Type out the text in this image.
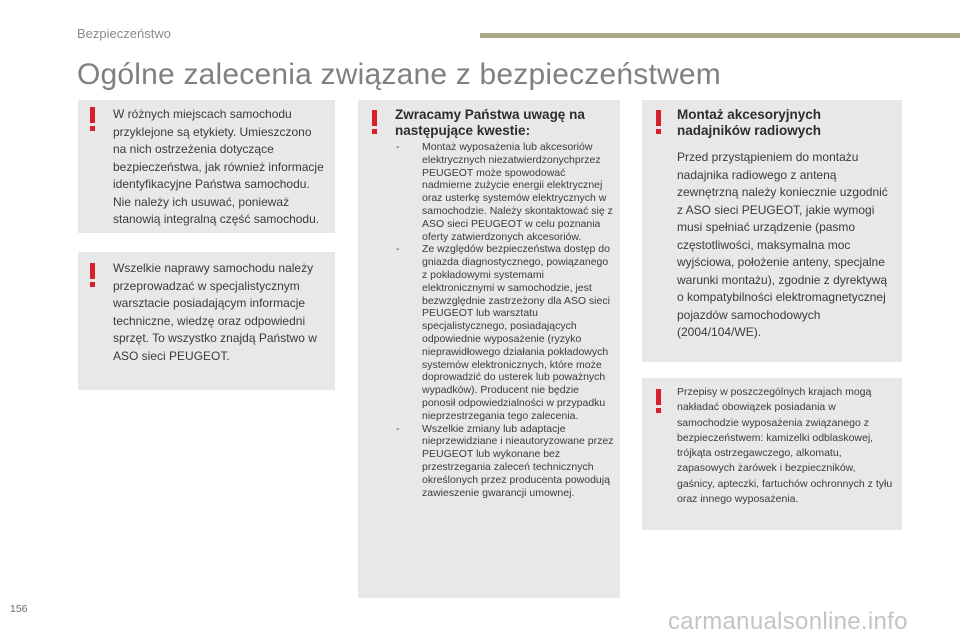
Bezpieczeństwo
Ogólne zalecenia związane z bezpieczeństwem

W różnych miejscach samochodu przyklejone są etykiety. Umieszczono na nich ostrzeżenia dotyczące bezpieczeństwa, jak również informacje identyfikacyjne Państwa samochodu. Nie należy ich usuwać, ponieważ stanowią integralną część samochodu.

Wszelkie naprawy samochodu należy przeprowadzać w specjalistycznym warsztacie posiadającym informacje techniczne, wiedzę oraz odpowiedni sprzęt. To wszystko znajdą Państwo w ASO sieci PEUGEOT.

Zwracamy Państwa uwagę na następujące kwestie:

-	Montaż wyposażenia lub akcesoriów elektrycznych niezatwierdzonychprzez PEUGEOT może spowodować nadmierne zużycie energii elektrycznej oraz usterkę systemów elektrycznych w samochodzie. Należy skontaktować się z ASO sieci PEUGEOT w celu poznania oferty zatwierdzonych akcesoriów.
-	Ze względów bezpieczeństwa dostęp do gniazda diagnostycznego, powiązanego z pokładowymi systemami elektronicznymi w samochodzie, jest bezwzględnie zastrzeżony dla ASO sieci PEUGEOT lub warsztatu specjalistycznego, posiadających odpowiednie wyposażenie (ryzyko nieprawidłowego działania pokładowych systemów elektronicznych, które może doprowadzić do usterek lub poważnych wypadków). Producent nie będzie ponosił odpowiedzialności w przypadku nieprzestrzegania tego zalecenia.
-	Wszelkie zmiany lub adaptacje nieprzewidziane i nieautoryzowane przez PEUGEOT lub wykonane bez przestrzegania zaleceń technicznych określonych przez producenta powodują zawieszenie gwarancji umownej.

Montaż akcesoryjnych nadajników radiowych

Przed przystąpieniem do montażu nadajnika radiowego z anteną zewnętrzną należy koniecznie uzgodnić z ASO sieci PEUGEOT, jakie wymogi musi spełniać urządzenie (pasmo częstotliwości, maksymalna moc wyjściowa, położenie anteny, specjalne warunki montażu), zgodnie z dyrektywą o kompatybilności elektromagnetycznej pojazdów samochodowych (2004/104/WE).

Przepisy w poszczególnych krajach mogą nakładać obowiązek posiadania w samochodzie wyposażenia związanego z bezpieczeństwem: kamizelki odblaskowej, trójkąta ostrzegawczego, alkomatu, zapasowych żarówek i bezpieczników, gaśnicy, apteczki, fartuchów ochronnych z tyłu oraz innego wyposażenia.

156	carmanualsonline.info
